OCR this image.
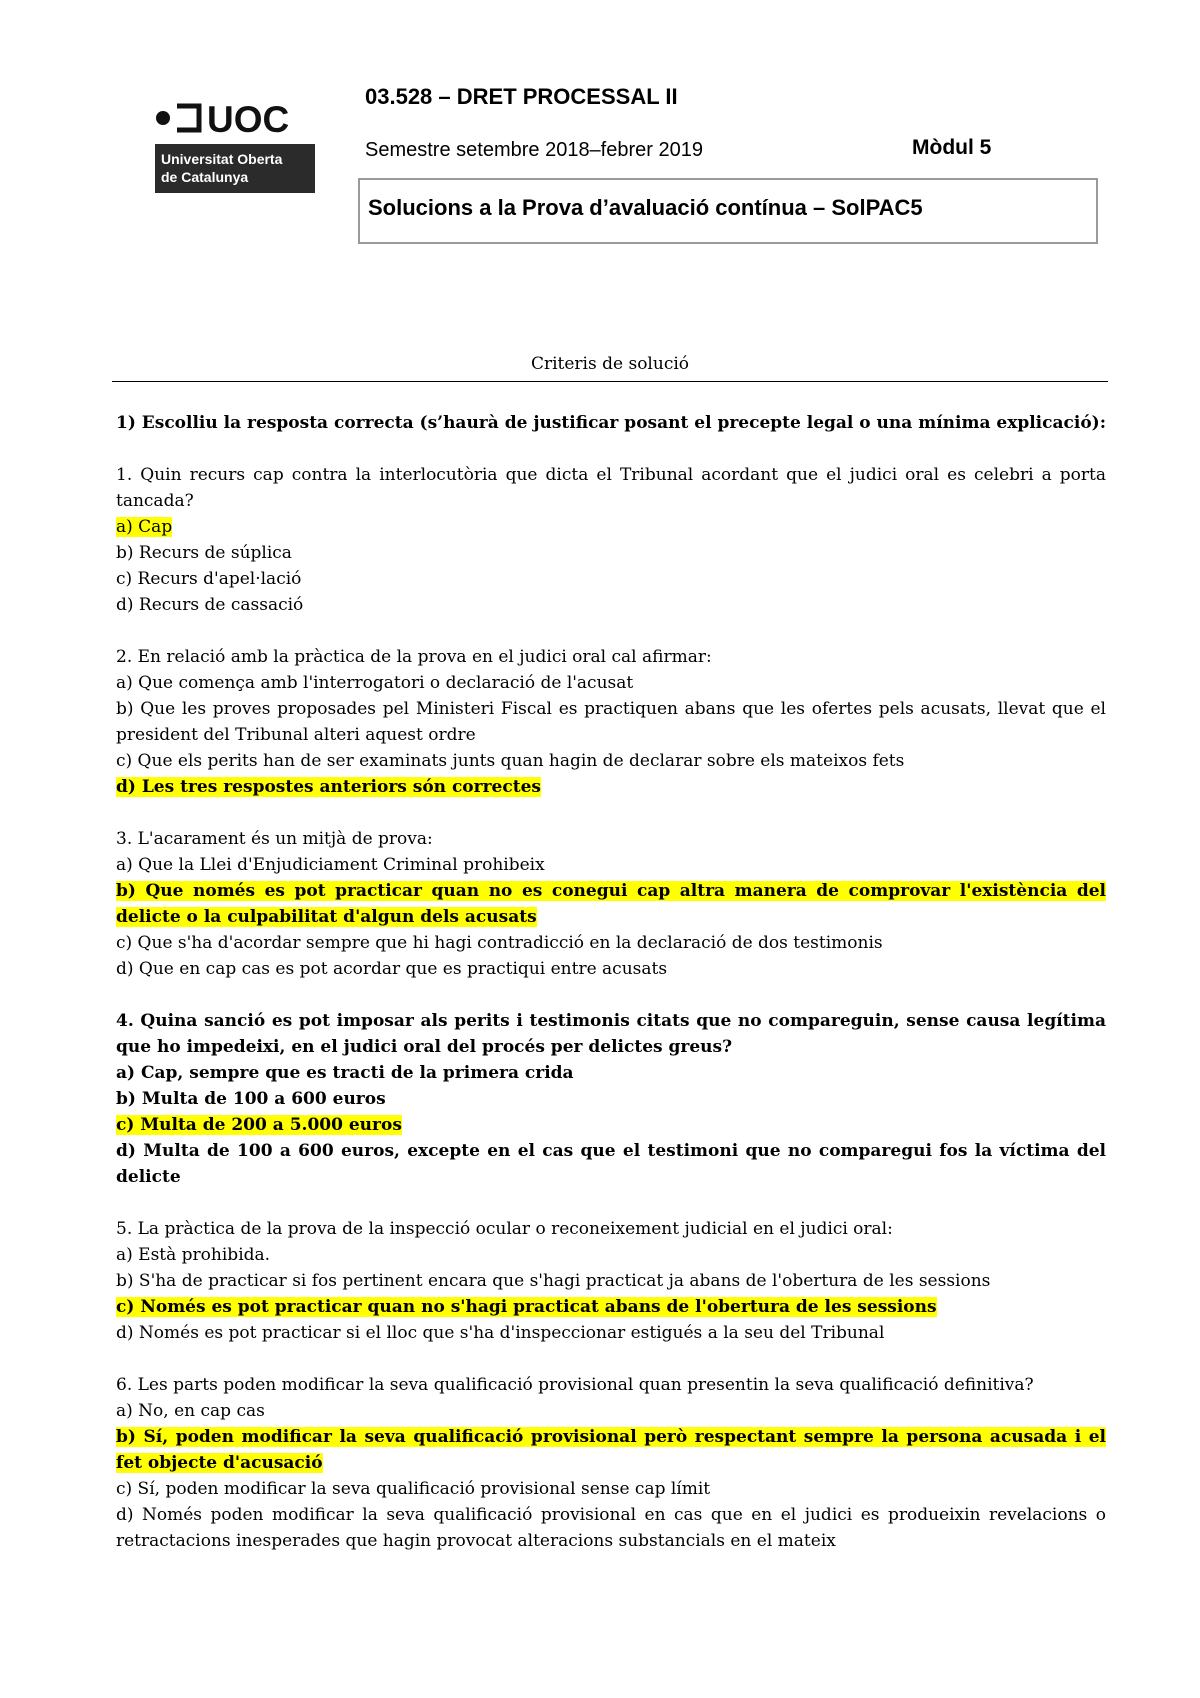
UOC
Universitat Oberta
de Catalunya
03.528 – DRET PROCESSAL II
Semestre setembre 2018–febrer 2019	Mòdul 5
Solucions a la Prova d’avaluació contínua – SolPAC5
Criteris de solució
1) Escolliu la resposta correcta (s’haurà de justificar posant el precepte legal o una mínima explicació):
1. Quin recurs cap contra la interlocutòria que dicta el Tribunal acordant que el judici oral es celebri a porta tancada?
a) Cap
b) Recurs de súplica
c) Recurs d'apel·lació
d) Recurs de cassació
2. En relació amb la pràctica de la prova en el judici oral cal afirmar:
a) Que comença amb l'interrogatori o declaració de l'acusat
b) Que les proves proposades pel Ministeri Fiscal es practiquen abans que les ofertes pels acusats, llevat que el president del Tribunal alteri aquest ordre
c) Que els perits han de ser examinats junts quan hagin de declarar sobre els mateixos fets
d) Les tres respostes anteriors són correctes
3. L'acarament és un mitjà de prova:
a) Que la Llei d'Enjudiciament Criminal prohibeix
b) Que només es pot practicar quan no es conegui cap altra manera de comprovar l'existència del delicte o la culpabilitat d'algun dels acusats
c) Que s'ha d'acordar sempre que hi hagi contradicció en la declaració de dos testimonis
d) Que en cap cas es pot acordar que es practiqui entre acusats
4. Quina sanció es pot imposar als perits i testimonis citats que no compareguin, sense causa legítima que ho impedeixi, en el judici oral del procés per delictes greus?
a) Cap, sempre que es tracti de la primera crida
b) Multa de 100 a 600 euros
c) Multa de 200 a 5.000 euros
d) Multa de 100 a 600 euros, excepte en el cas que el testimoni que no comparegui fos la víctima del delicte
5. La pràctica de la prova de la inspecció ocular o reconeixement judicial en el judici oral:
a) Està prohibida.
b) S'ha de practicar si fos pertinent encara que s'hagi practicat ja abans de l'obertura de les sessions
c) Només es pot practicar quan no s'hagi practicat abans de l'obertura de les sessions
d) Només es pot practicar si el lloc que s'ha d'inspeccionar estigués a la seu del Tribunal
6. Les parts poden modificar la seva qualificació provisional quan presentin la seva qualificació definitiva?
a) No, en cap cas
b) Sí, poden modificar la seva qualificació provisional però respectant sempre la persona acusada i el fet objecte d'acusació
c) Sí, poden modificar la seva qualificació provisional sense cap límit
d) Només poden modificar la seva qualificació provisional en cas que en el judici es produeixin revelacions o retractacions inesperades que hagin provocat alteracions substancials en el mateix
